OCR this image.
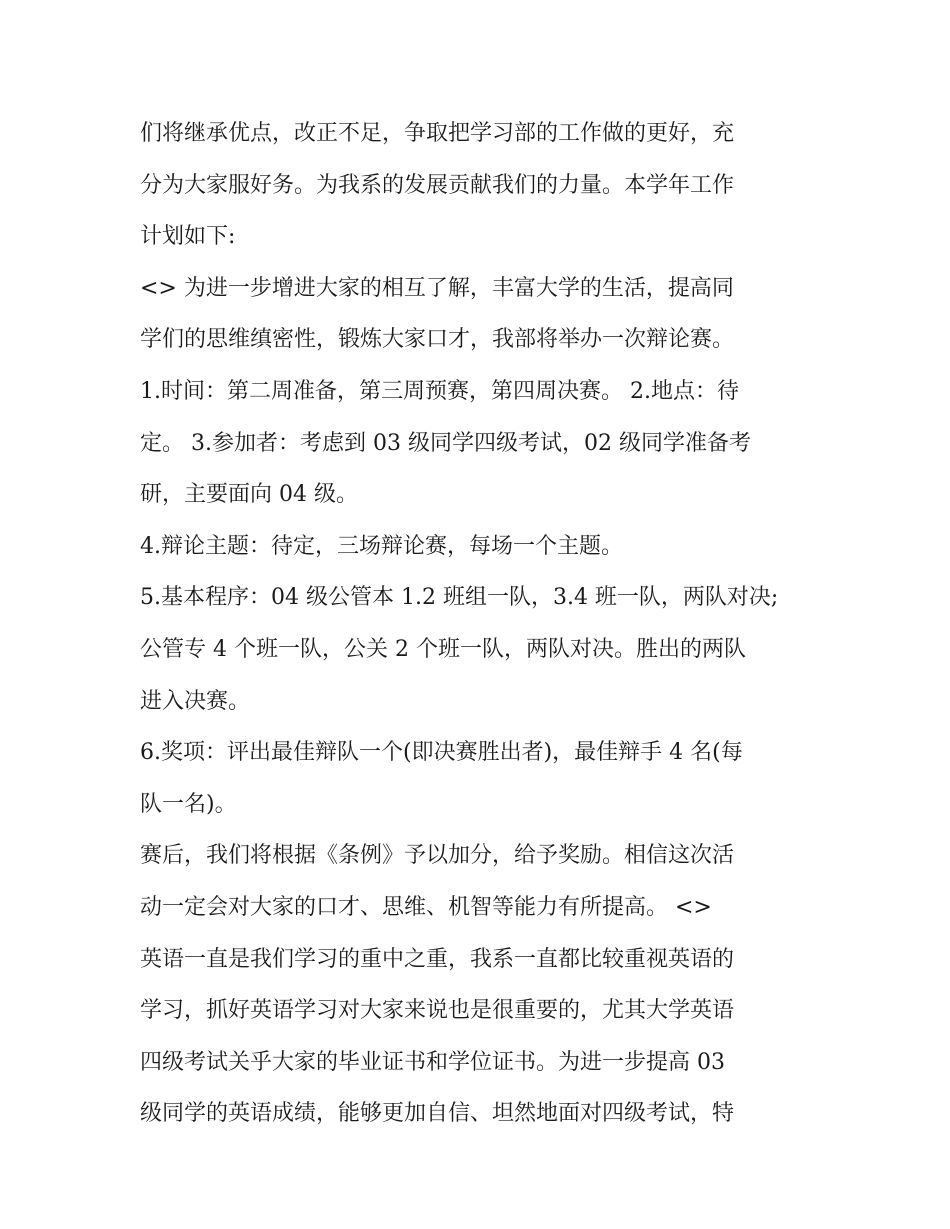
们将继承优点，改正不足，争取把学习部的工作做的更好，充
分为大家服好务。为我系的发展贡献我们的力量。本学年工作
计划如下:
<> 为进一步增进大家的相互了解，丰富大学的生活，提高同
学们的思维缜密性，锻炼大家口才，我部将举办一次辩论赛。
1.时间：第二周准备，第三周预赛，第四周决赛。 2.地点：待
定。 3.参加者：考虑到 03 级同学四级考试，02 级同学准备考
研，主要面向 04 级。
4.辩论主题：待定，三场辩论赛，每场一个主题。
5.基本程序：04 级公管本 1.2 班组一队，3.4 班一队，两队对决;
公管专 4 个班一队，公关 2 个班一队，两队对决。胜出的两队
进入决赛。
6.奖项：评出最佳辩队一个(即决赛胜出者)，最佳辩手 4 名(每
队一名)。
赛后，我们将根据《条例》予以加分，给予奖励。相信这次活
动一定会对大家的口才、思维、机智等能力有所提高。 <>
英语一直是我们学习的重中之重，我系一直都比较重视英语的
学习，抓好英语学习对大家来说也是很重要的，尤其大学英语
四级考试关乎大家的毕业证书和学位证书。为进一步提高 03
级同学的英语成绩，能够更加自信、坦然地面对四级考试，特
